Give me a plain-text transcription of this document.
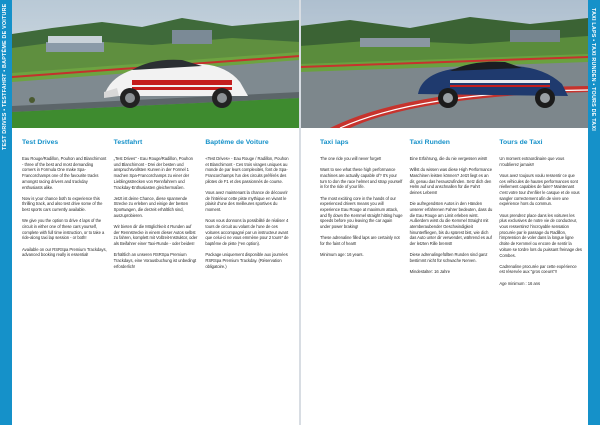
TEST DRIVES • TESTFAHRT • BAPTÊME DE VOITURE Test Drives

Eau Rouge/Radillon, Pouhon and Blanchimont - three of the best and most demanding corners in Formula One make Spa-Francorchamps one of the favourite tracks amongst racing drivers and trackday enthusiasts alike.

Now is your chance both to experience this thrilling track, and also test drive some of the best sports cars currently available.

We give you the option to drive 4 laps of the circuit in either one of these cars yourself, complete with full time instruction, or to take a ride-along taxi lap session - or both!

Available on our RSRSpa Premium Trackdays, advanced booking really is essential!

Testfahrt

„Test Drives" - Eau Rouge/Radillon, Pouhon und Blanchimont - Drei der besten und anspruchsvollsten Kurven in der Formel 1 machen Spa-Francorchamps zu einer der Lieblingsstrecken von Rennfahrern und Trackday-Enthusiasten gleichermaßen.

Jetzt ist deine Chance, diese spannende Strecke zu erleben und einige der besten Sportwagen, die derzeit erhältlich sind, auszuprobieren.

Wir bieten dir die Möglichkeit 4 Runden auf der Rennstrecke in einem dieser Autos selbst zu fahren, komplett mit Vollzeit-Instruktor, oder als Beifahrer einer Taxi-Runde - oder beides!

Erhältlich an unseren RSRSpa Premium Trackdays, eine Vorausbuchung ist unbedingt erforderlich!

Baptême de Voiture

«Test Drives» - Eau Rouge / Radillon, Pouhon et Blanchimont - Ces trois virages uniques au monde de par leurs complexités, font de Spa-Francorchamps l'un des circuits préférés des pilotes de F1 et des passionnés de course.

Vous avez maintenant la chance de découvrir de l'intérieur cette piste mythique en vivant le plaisir d'une des meilleures sportives du moment.

Nous vous donnons la possibilité de réaliser 4 tours de circuit au volant de l'une de ces voitures accompagné par un instructeur avant que celui-ci ne vous emmène pour 2 tours* de baptême de piste (*en option).

Package uniquement disponible aux journées RSRSpa Premium Trackday. (Réservation obligatoire.)

Taxi laps

The one ride you will never forget!

Want to see what these high performance machines are actually capable of? It's your turn to don the race helmet and strap yourself in for the ride of your life.

The most exciting core in the hands of our experienced drivers means you will experience Eau Rouge at maximum attack, and fly down the Kemmel straight hitting huge speeds before you leaving the car again under power braking!

These adrenaline filled laps are certainly not for the faint of heart!

Minimum age: 16 years.

Taxi Runden

Eine Erfahrung, die du nie vergessen wirst!

Willst du wissen was diese High Performance Maschinen leisten können? Jetzt liegt es an dir, genau das herauszufinden. Setz dich den Helm auf und anschnallen für die Fahrt deines Lebens!

Die aufregendsten Autos in den Händen unserer erfahrenen Fahrer bedeuten, dass du die Eau Rouge am Limit erleben wirst. Außerdem wirst du die Kemmel Straight mit atemberaubender Geschwindigkeit hinunterfliegen, bis du spürest bist, wie dich das Auto unter dir verwendet, während es auf der letzten Rille bremst!

Diese adrenalingefüllten Runden sind ganz bestimmt nicht für schwache Nerven.

Mindestalter: 16 Jahre

Tours de Taxi

Un moment extraordinaire que vous n'oublierez jamais!!

Vous avez toujours voulu ressentir ce que ces véhicules de hautes performances sont réellement capables de faire? Maintenant c'est votre tour d'enfiler le casque et de vous sangler correctement afin de vivre une expérience hors du commun.

Vous prendrez place dans les voitures les plus exclusives de notre vie de conducteur, vous ressentirez l'incroyable sensation procurée par le passage du Radillon, l'impression de voler dans la longue ligne droite de Kemmel ou encore de sentir la voiture se tordre lors du puissant freinage des Combes.

Cadrenaline procurée par cette expérience est réservée aux "gros coeurs"!!

Age minimum : 16 ans

TAXI LAPS • TAXI RUNDEN • TOURS DE TAXI
